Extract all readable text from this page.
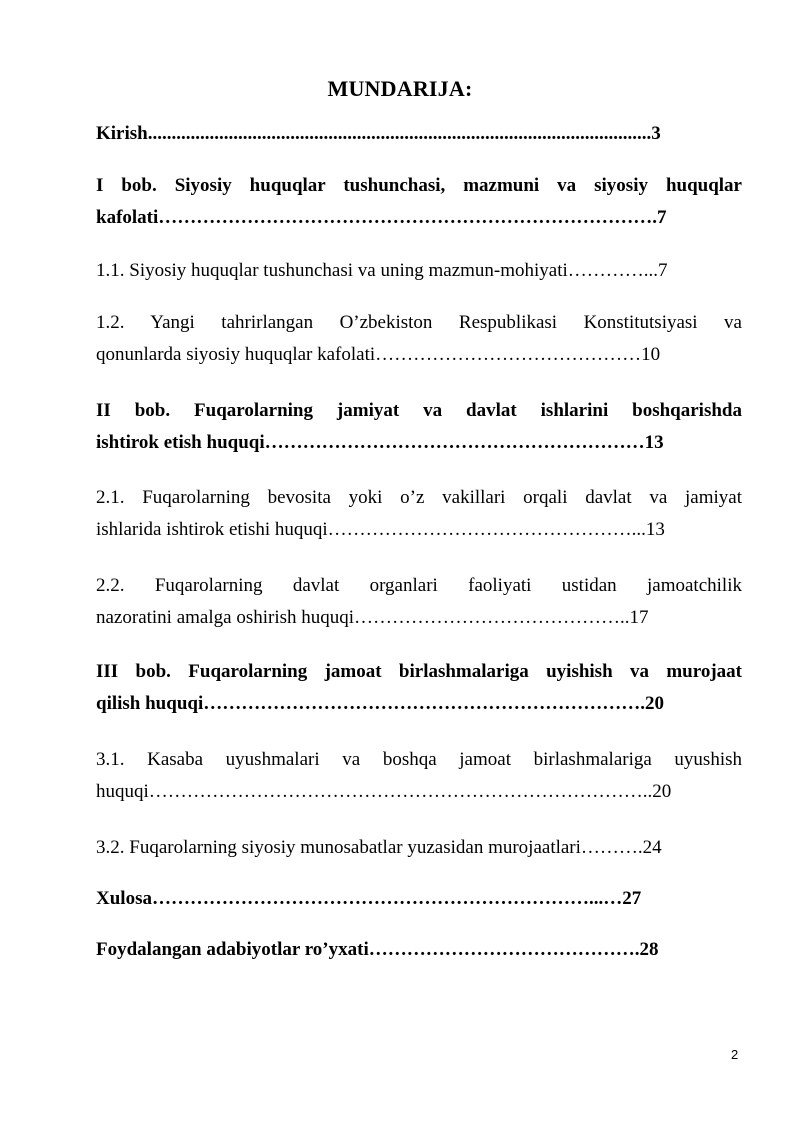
MUNDARIJA:
Kirish..........................................................................................................3
I bob. Siyosiy huquqlar tushunchasi, mazmuni va siyosiy huquqlar
kafolati…………………………………………………………………….7
1.1. Siyosiy huquqlar tushunchasi va uning mazmun-mohiyati…………...7
1.2. Yangi tahrirlangan O’zbekiston Respublikasi Konstitutsiyasi va
qonunlarda siyosiy huquqlar kafolati……………………………………10
II bob. Fuqarolarning jamiyat va davlat ishlarini boshqarishda
ishtirok etish huquqi……………………………………………………13
2.1. Fuqarolarning bevosita yoki o’z vakillari orqali davlat va jamiyat
ishlarida ishtirok etishi huquqi…………………………………………...13
2.2. Fuqarolarning davlat organlari faoliyati ustidan jamoatchilik
nazoratini amalga oshirish huquqi……………………………………..17
III bob. Fuqarolarning jamoat birlashmalariga uyishish va murojaat
qilish huquqi…………………………………………………………….20
3.1. Kasaba uyushmalari va boshqa jamoat birlashmalariga uyushish
huquqi……………………………………………………………………..20
3.2. Fuqarolarning siyosiy munosabatlar yuzasidan murojaatlari……….24
Xulosa……………………………………………………………...…27
Foydalangan adabiyotlar ro’yxati…………………………………….28
2
